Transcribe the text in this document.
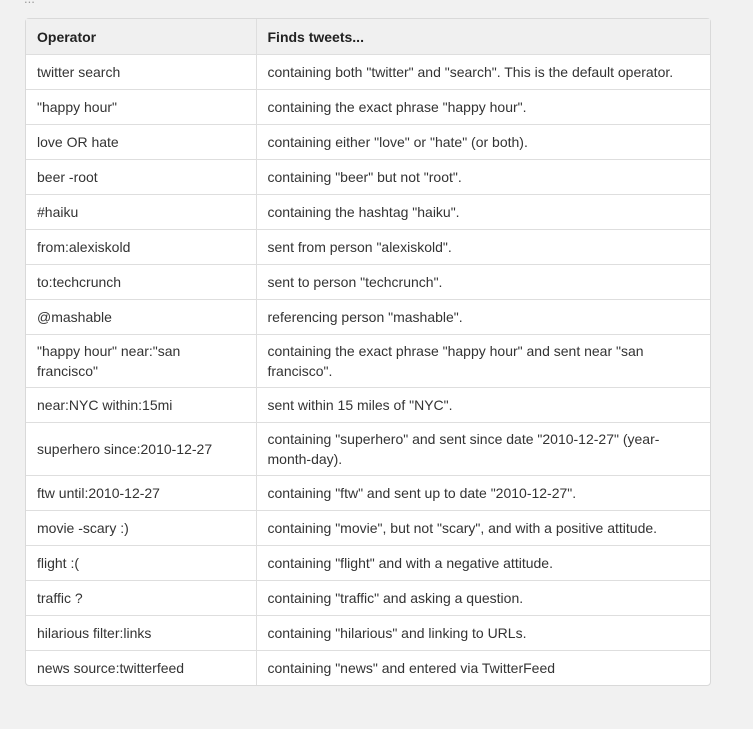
Operator	Finds tweets...
twitter search	containing both "twitter" and "search". This is the default operator.
"happy hour"	containing the exact phrase "happy hour".
love OR hate	containing either "love" or "hate" (or both).
beer -root	containing "beer" but not "root".
#haiku	containing the hashtag "haiku".
from:alexiskold	sent from person "alexiskold".
to:techcrunch	sent to person "techcrunch".
@mashable	referencing person "mashable".
"happy hour" near:"san francisco"	containing the exact phrase "happy hour" and sent near "san francisco".
near:NYC within:15mi	sent within 15 miles of "NYC".
superhero since:2010-12-27	containing "superhero" and sent since date "2010-12-27" (year-month-day).
ftw until:2010-12-27	containing "ftw" and sent up to date "2010-12-27".
movie -scary :)	containing "movie", but not "scary", and with a positive attitude.
flight :(	containing "flight" and with a negative attitude.
traffic ?	containing "traffic" and asking a question.
hilarious filter:links	containing "hilarious" and linking to URLs.
news source:twitterfeed	containing "news" and entered via TwitterFeed
